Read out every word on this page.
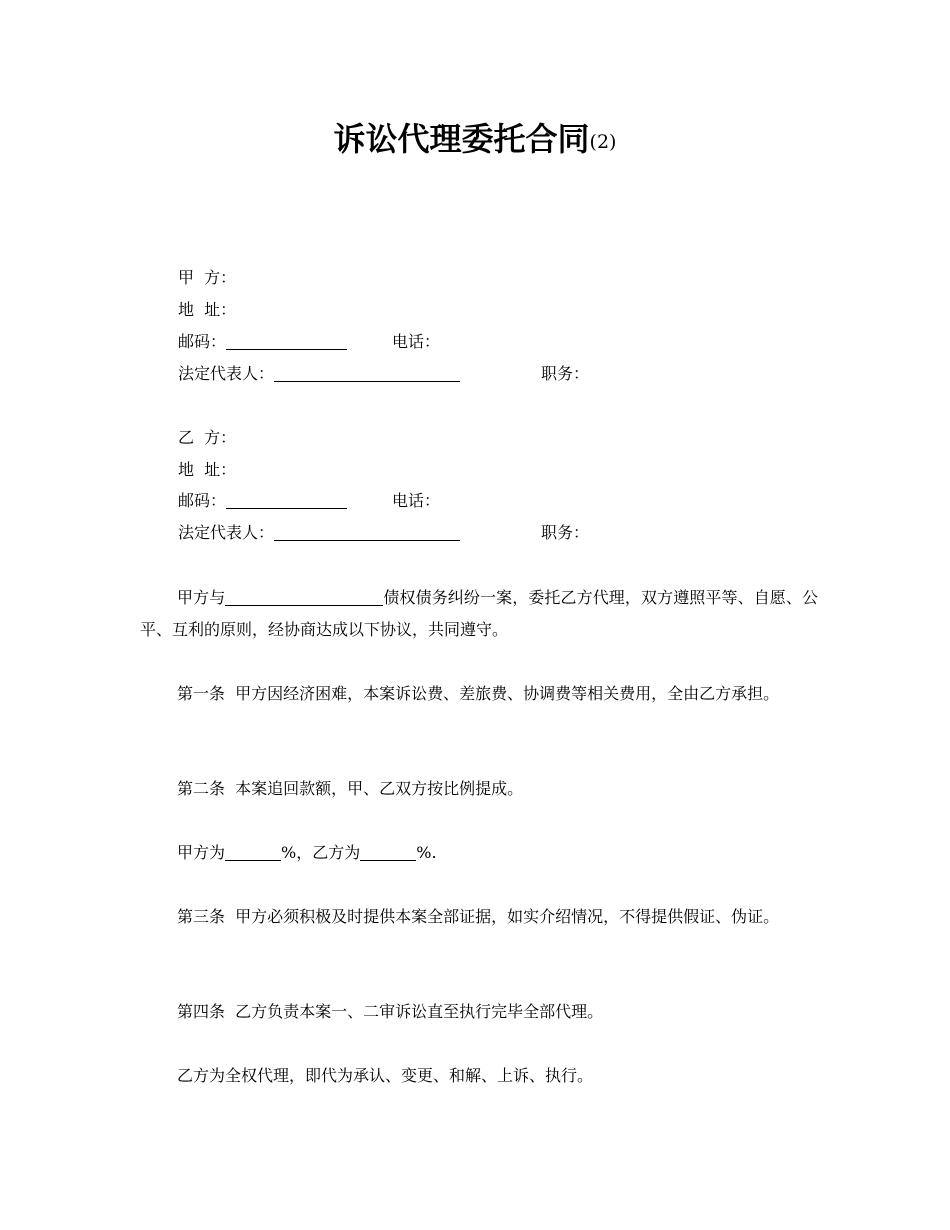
诉讼代理委托合同(2)
甲  方：
地  址：
邮码：	电话：
法定代表人：	职务：
乙  方：
地  址：
邮码：	电话：
法定代表人：	职务：
甲方与	债权债务纠纷一案，委托乙方代理，双方遵照平等、自愿、公平、互利的原则，经协商达成以下协议，共同遵守。
第一条  甲方因经济困难，本案诉讼费、差旅费、协调费等相关费用，全由乙方承担。
第二条  本案追回款额，甲、乙双方按比例提成。
甲方为	%，乙方为	%.
第三条  甲方必须积极及时提供本案全部证据，如实介绍情况，不得提供假证、伪证。
第四条  乙方负责本案一、二审诉讼直至执行完毕全部代理。
乙方为全权代理，即代为承认、变更、和解、上诉、执行。
